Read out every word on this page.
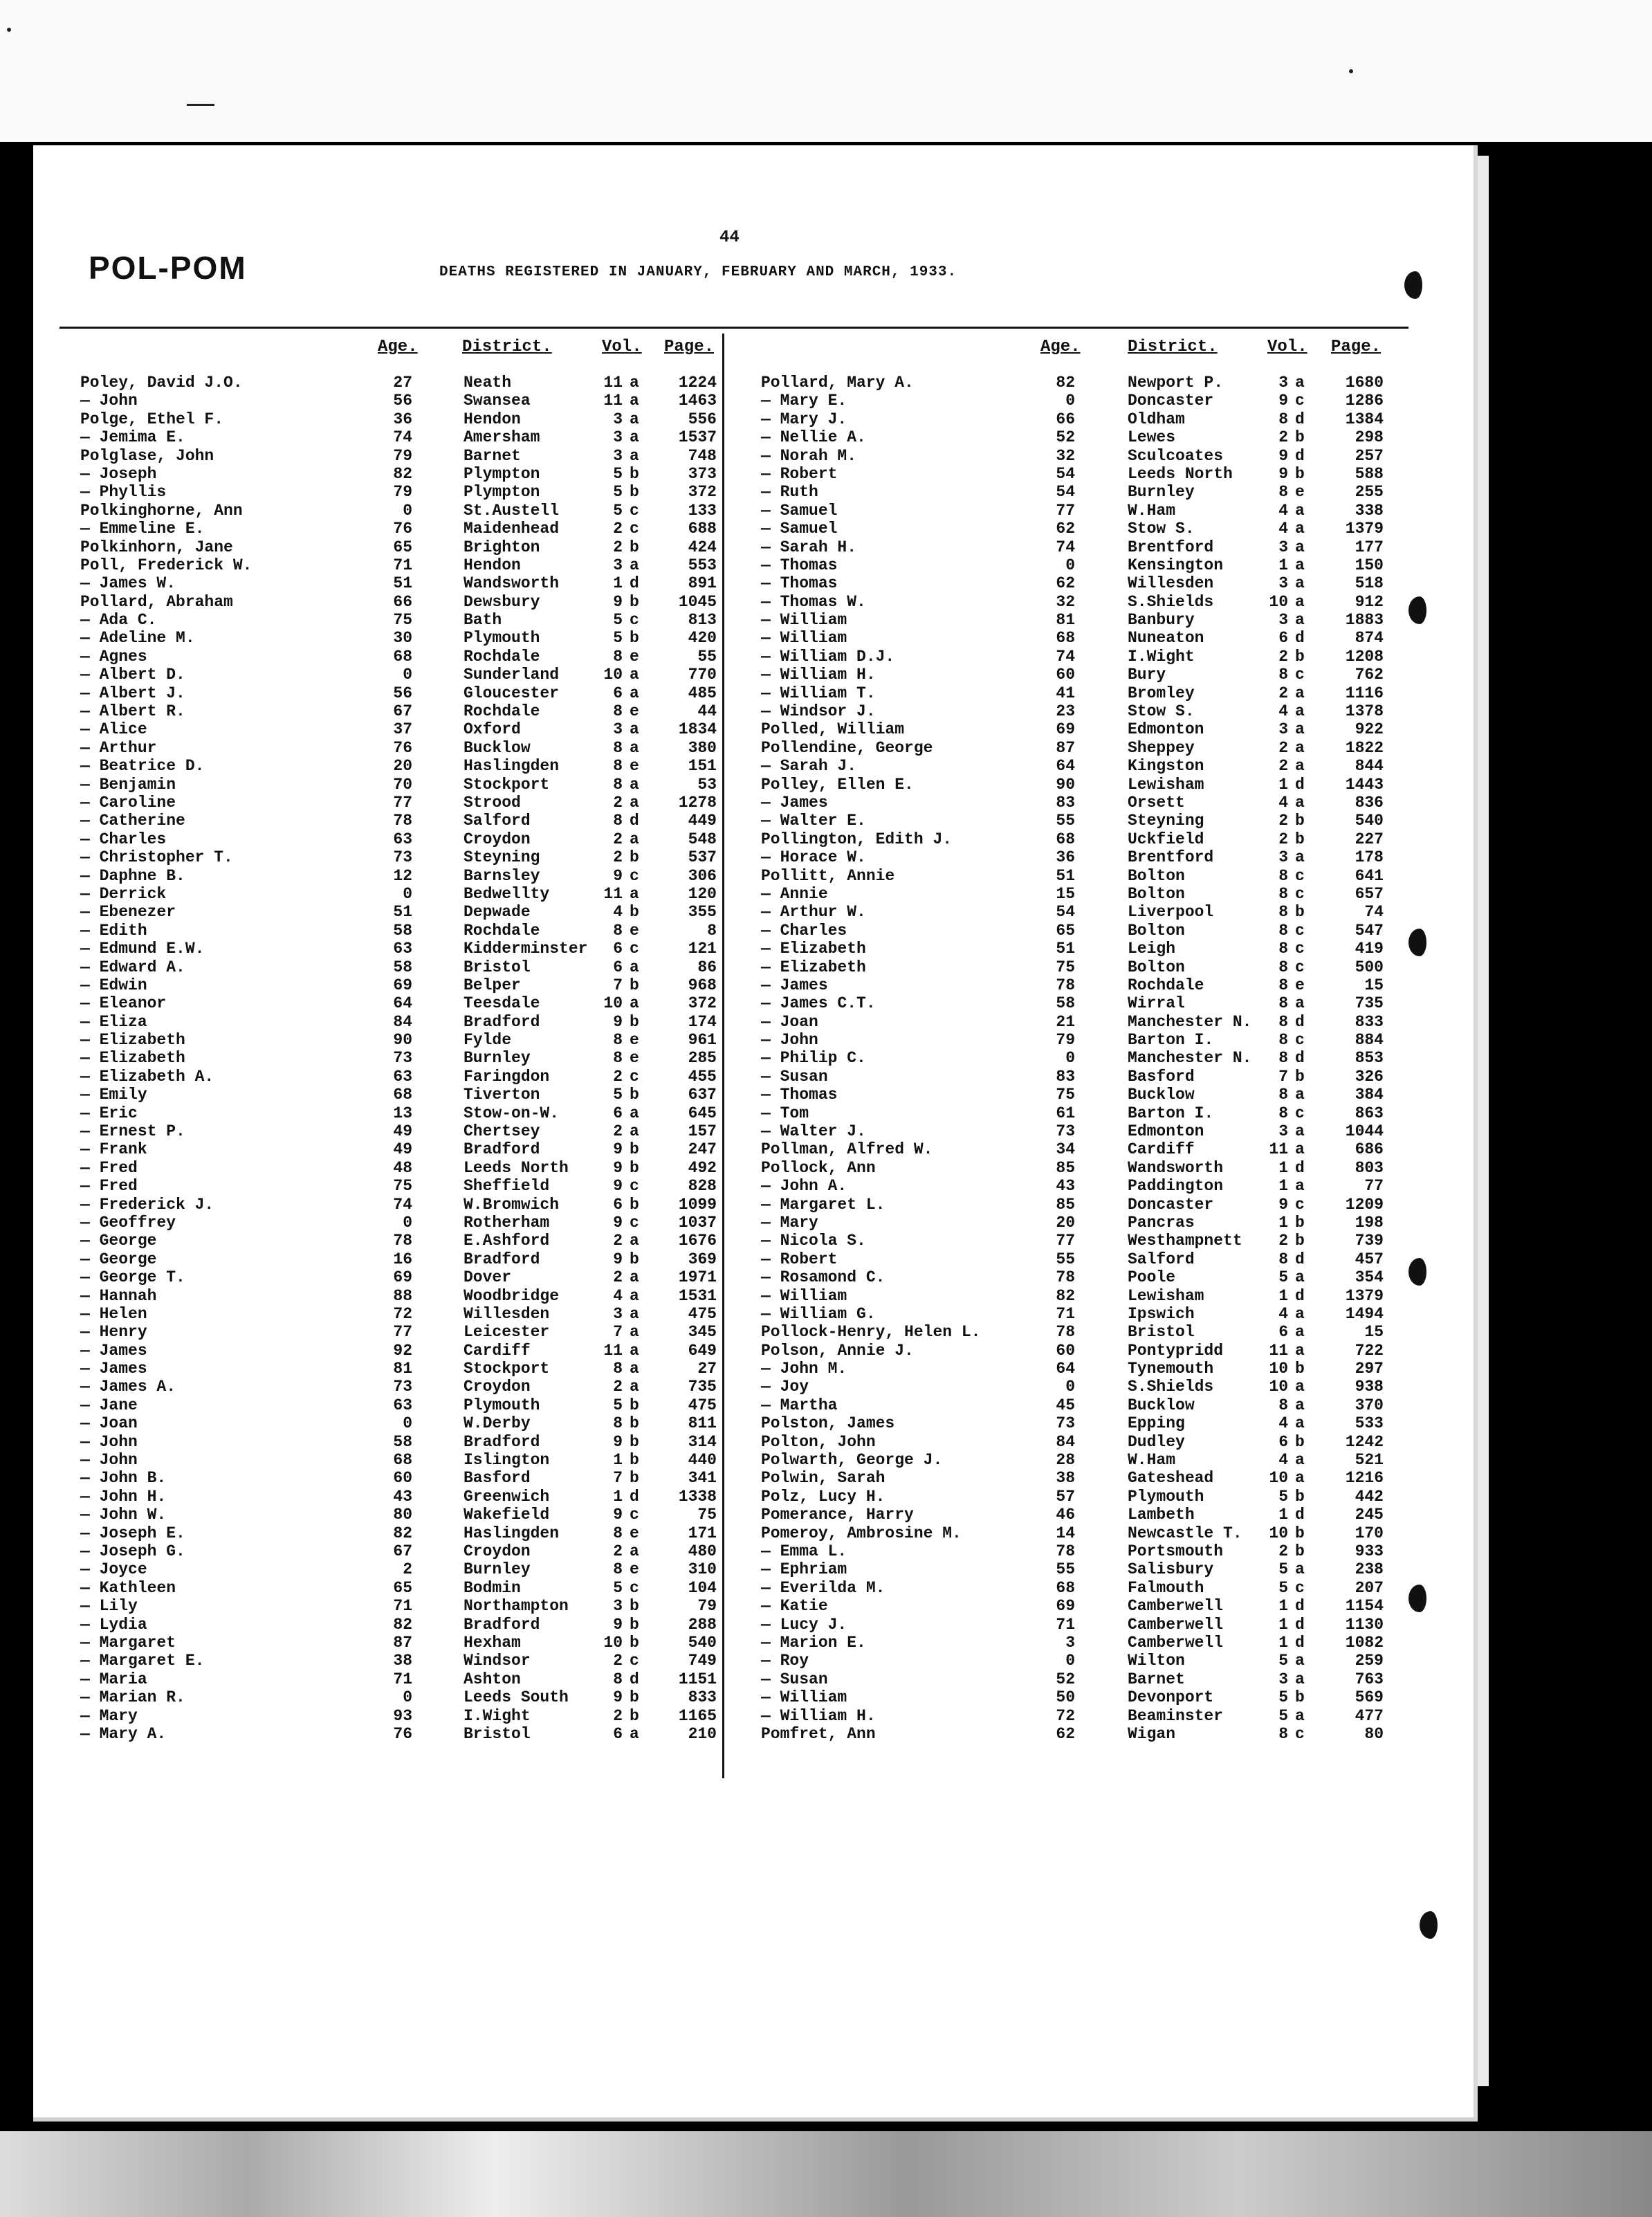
44
POL-POM	DEATHS REGISTERED IN JANUARY, FEBRUARY AND MARCH, 1933.
Age.	District.	Vol. Page.
Poley, David J.O.	27	Neath	11 a	1224
— John	56	Swansea	11 a	1463
Polge, Ethel F.	36	Hendon	3 a	556
— Jemima E.	74	Amersham	3 a	1537
Polglase, John	79	Barnet	3 a	748
— Joseph	82	Plympton	5 b	373
— Phyllis	79	Plympton	5 b	372
Polkinghorne, Ann	0	St.Austell	5 c	133
— Emmeline E.	76	Maidenhead	2 c	688
Polkinhorn, Jane	65	Brighton	2 b	424
Poll, Frederick W.	71	Hendon	3 a	553
— James W.	51	Wandsworth	1 d	891
Pollard, Abraham	66	Dewsbury	9 b	1045
— Ada C.	75	Bath	5 c	813
— Adeline M.	30	Plymouth	5 b	420
— Agnes	68	Rochdale	8 e	55
— Albert D.	0	Sunderland	10 a	770
— Albert J.	56	Gloucester	6 a	485
— Albert R.	67	Rochdale	8 e	44
— Alice	37	Oxford	3 a	1834
— Arthur	76	Bucklow	8 a	380
— Beatrice D.	20	Haslingden	8 e	151
— Benjamin	70	Stockport	8 a	53
— Caroline	77	Strood	2 a	1278
— Catherine	78	Salford	8 d	449
— Charles	63	Croydon	2 a	548
— Christopher T.	73	Steyning	2 b	537
— Daphne B.	12	Barnsley	9 c	306
— Derrick	0	Bedwellty	11 a	120
— Ebenezer	51	Depwade	4 b	355
— Edith	58	Rochdale	8 e	8
— Edmund E.W.	63	Kidderminster	6 c	121
— Edward A.	58	Bristol	6 a	86
— Edwin	69	Belper	7 b	968
— Eleanor	64	Teesdale	10 a	372
— Eliza	84	Bradford	9 b	174
— Elizabeth	90	Fylde	8 e	961
— Elizabeth	73	Burnley	8 e	285
— Elizabeth A.	63	Faringdon	2 c	455
— Emily	68	Tiverton	5 b	637
— Eric	13	Stow-on-W.	6 a	645
— Ernest P.	49	Chertsey	2 a	157
— Frank	49	Bradford	9 b	247
— Fred	48	Leeds North	9 b	492
— Fred	75	Sheffield	9 c	828
— Frederick J.	74	W.Bromwich	6 b	1099
— Geoffrey	0	Rotherham	9 c	1037
— George	78	E.Ashford	2 a	1676
— George	16	Bradford	9 b	369
— George T.	69	Dover	2 a	1971
— Hannah	88	Woodbridge	4 a	1531
— Helen	72	Willesden	3 a	475
— Henry	77	Leicester	7 a	345
— James	92	Cardiff	11 a	649
— James	81	Stockport	8 a	27
— James A.	73	Croydon	2 a	735
— Jane	63	Plymouth	5 b	475
— Joan	0	W.Derby	8 b	811
— John	58	Bradford	9 b	314
— John	68	Islington	1 b	440
— John B.	60	Basford	7 b	341
— John H.	43	Greenwich	1 d	1338
— John W.	80	Wakefield	9 c	75
— Joseph E.	82	Haslingden	8 e	171
— Joseph G.	67	Croydon	2 a	480
— Joyce	2	Burnley	8 e	310
— Kathleen	65	Bodmin	5 c	104
— Lily	71	Northampton	3 b	79
— Lydia	82	Bradford	9 b	288
— Margaret	87	Hexham	10 b	540
— Margaret E.	38	Windsor	2 c	749
— Maria	71	Ashton	8 d	1151
— Marian R.	0	Leeds South	9 b	833
— Mary	93	I.Wight	2 b	1165
— Mary A.	76	Bristol	6 a	210
Age.	District.	Vol. Page.
Pollard, Mary A.	82	Newport P.	3 a	1680
— Mary E.	0	Doncaster	9 c	1286
— Mary J.	66	Oldham	8 d	1384
— Nellie A.	52	Lewes	2 b	298
— Norah M.	32	Sculcoates	9 d	257
— Robert	54	Leeds North	9 b	588
— Ruth	54	Burnley	8 e	255
— Samuel	77	W.Ham	4 a	338
— Samuel	62	Stow S.	4 a	1379
— Sarah H.	74	Brentford	3 a	177
— Thomas	0	Kensington	1 a	150
— Thomas	62	Willesden	3 a	518
— Thomas W.	32	S.Shields	10 a	912
— William	81	Banbury	3 a	1883
— William	68	Nuneaton	6 d	874
— William D.J.	74	I.Wight	2 b	1208
— William H.	60	Bury	8 c	762
— William T.	41	Bromley	2 a	1116
— Windsor J.	23	Stow S.	4 a	1378
Polled, William	69	Edmonton	3 a	922
Pollendine, George	87	Sheppey	2 a	1822
— Sarah J.	64	Kingston	2 a	844
Polley, Ellen E.	90	Lewisham	1 d	1443
— James	83	Orsett	4 a	836
— Walter E.	55	Steyning	2 b	540
Pollington, Edith J.	68	Uckfield	2 b	227
— Horace W.	36	Brentford	3 a	178
Pollitt, Annie	51	Bolton	8 c	641
— Annie	15	Bolton	8 c	657
— Arthur W.	54	Liverpool	8 b	74
— Charles	65	Bolton	8 c	547
— Elizabeth	51	Leigh	8 c	419
— Elizabeth	75	Bolton	8 c	500
— James	78	Rochdale	8 e	15
— James C.T.	58	Wirral	8 a	735
— Joan	21	Manchester N.	8 d	833
— John	79	Barton I.	8 c	884
— Philip C.	0	Manchester N.	8 d	853
— Susan	83	Basford	7 b	326
— Thomas	75	Bucklow	8 a	384
— Tom	61	Barton I.	8 c	863
— Walter J.	73	Edmonton	3 a	1044
Pollman, Alfred W.	34	Cardiff	11 a	686
Pollock, Ann	85	Wandsworth	1 d	803
— John A.	43	Paddington	1 a	77
— Margaret L.	85	Doncaster	9 c	1209
— Mary	20	Pancras	1 b	198
— Nicola S.	77	Westhampnett	2 b	739
— Robert	55	Salford	8 d	457
— Rosamond C.	78	Poole	5 a	354
— William	82	Lewisham	1 d	1379
— William G.	71	Ipswich	4 a	1494
Pollock-Henry, Helen L.	78	Bristol	6 a	15
Polson, Annie J.	60	Pontypridd	11 a	722
— John M.	64	Tynemouth	10 b	297
— Joy	0	S.Shields	10 a	938
— Martha	45	Bucklow	8 a	370
Polston, James	73	Epping	4 a	533
Polton, John	84	Dudley	6 b	1242
Polwarth, George J.	28	W.Ham	4 a	521
Polwin, Sarah	38	Gateshead	10 a	1216
Polz, Lucy H.	57	Plymouth	5 b	442
Pomerance, Harry	46	Lambeth	1 d	245
Pomeroy, Ambrosine M.	14	Newcastle T. 10 b	170
— Emma L.	78	Portsmouth	2 b	933
— Ephriam	55	Salisbury	5 a	238
— Everilda M.	68	Falmouth	5 c	207
— Katie	69	Camberwell	1 d	1154
— Lucy J.	71	Camberwell	1 d	1130
— Marion E.	3	Camberwell	1 d	1082
— Roy	0	Wilton	5 a	259
— Susan	52	Barnet	3 a	763
— William	50	Devonport	5 b	569
— William H.	72	Beaminster	5 a	477
Pomfret, Ann	62	Wigan	8 c	80
